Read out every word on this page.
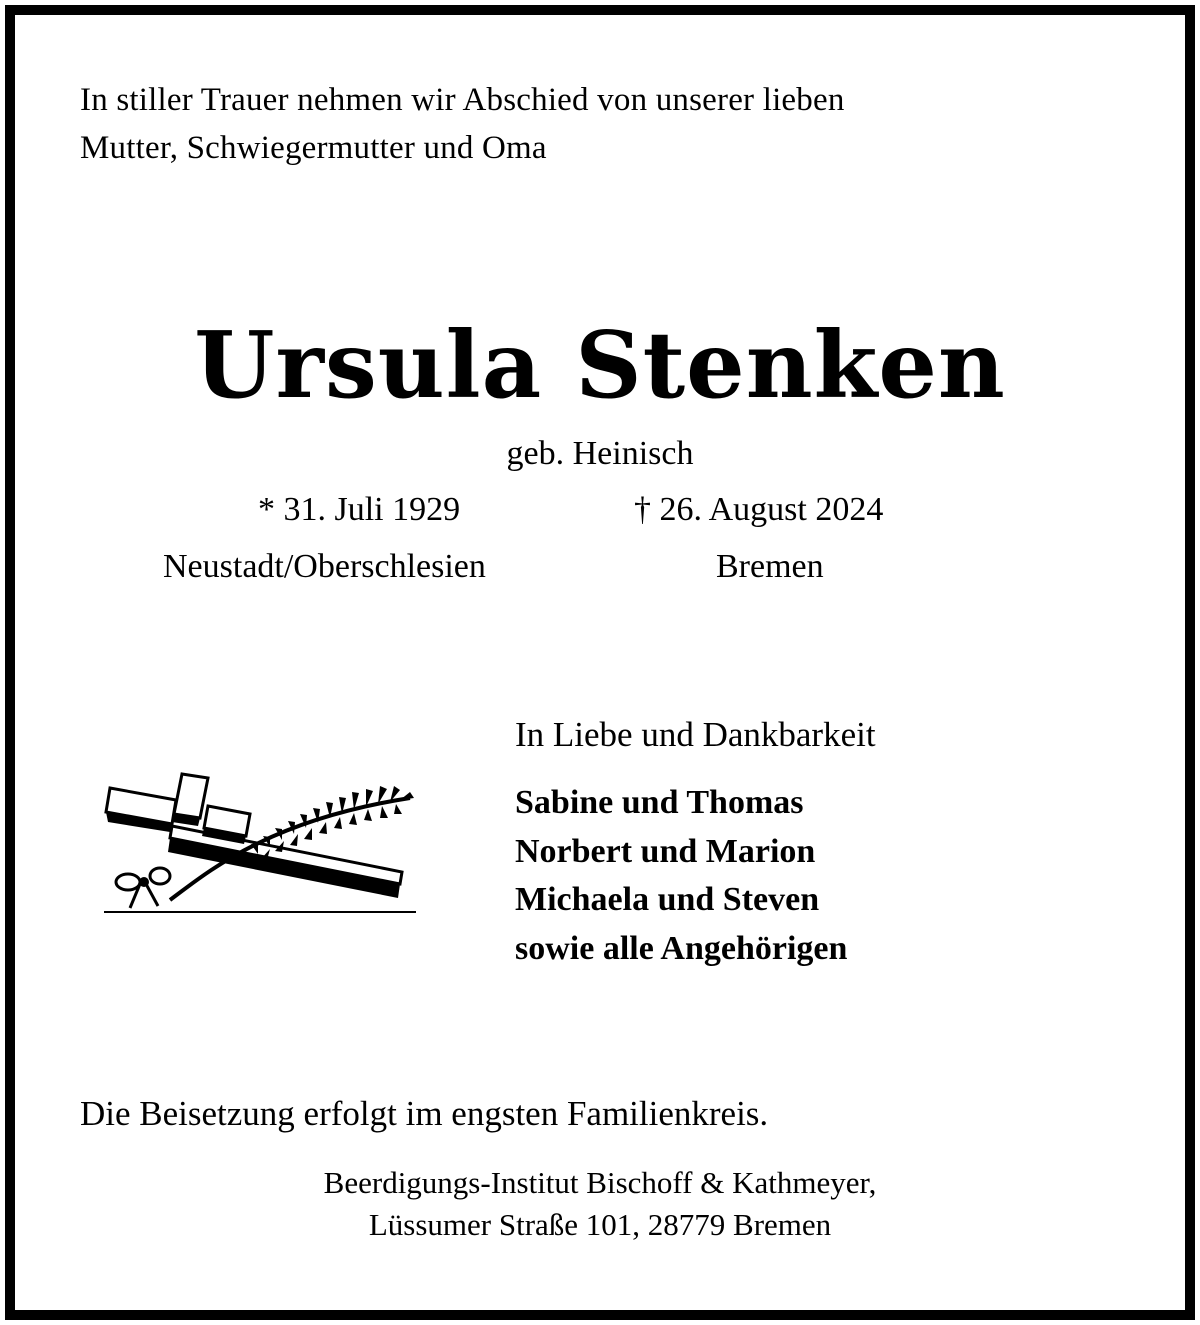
In stiller Trauer nehmen wir Abschied von unserer lieben
Mutter, Schwiegermutter und Oma
Ursula Stenken
geb. Heinisch
* 31. Juli 1929	† 26. August 2024
Neustadt/Oberschlesien	Bremen
In Liebe und Dankbarkeit
Sabine und Thomas
Norbert und Marion
Michaela und Steven
sowie alle Angehörigen
Die Beisetzung erfolgt im engsten Familienkreis.
Beerdigungs-Institut Bischoff & Kathmeyer,
Lüssumer Straße 101, 28779 Bremen
